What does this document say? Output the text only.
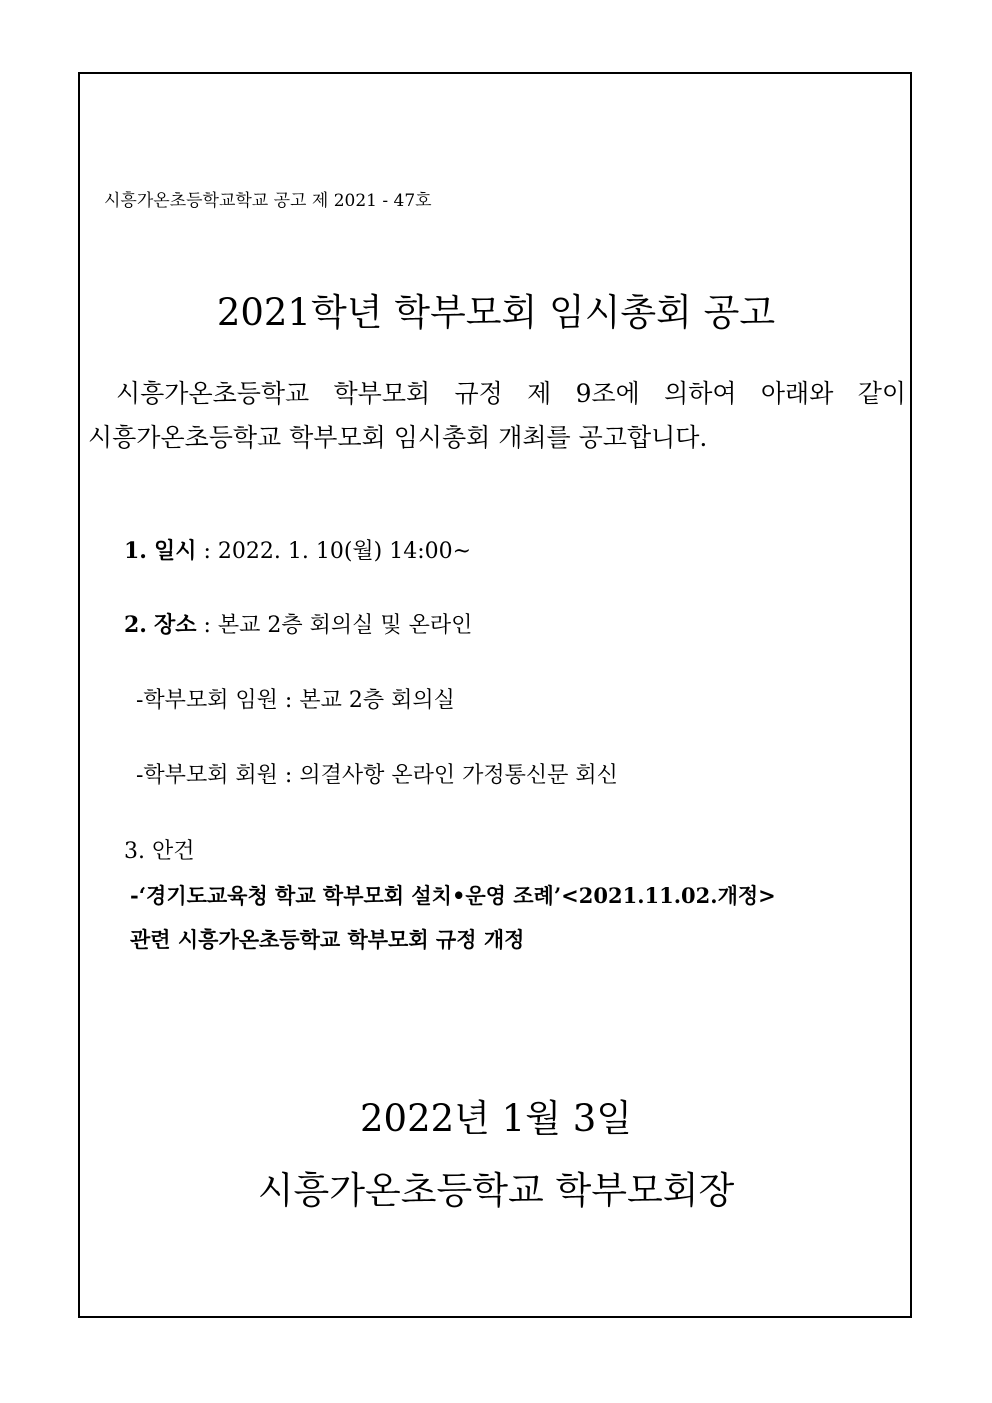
시흥가온초등학교학교 공고 제 2021 - 47호
2021학년 학부모회 임시총회 공고
시흥가온초등학교 학부모회 규정 제 9조에 의하여 아래와 같이
시흥가온초등학교 학부모회 임시총회 개최를 공고합니다.
1. 일시 : 2022. 1. 10(월) 14:00~
2. 장소 : 본교 2층 회의실 및 온라인
-학부모회 임원 : 본교 2층 회의실
-학부모회 회원 : 의결사항 온라인 가정통신문 회신
3. 안건
-‘경기도교육청 학교 학부모회 설치•운영 조례’<2021.11.02.개정>
관련 시흥가온초등학교 학부모회 규정 개정
2022년 1월 3일
시흥가온초등학교 학부모회장
